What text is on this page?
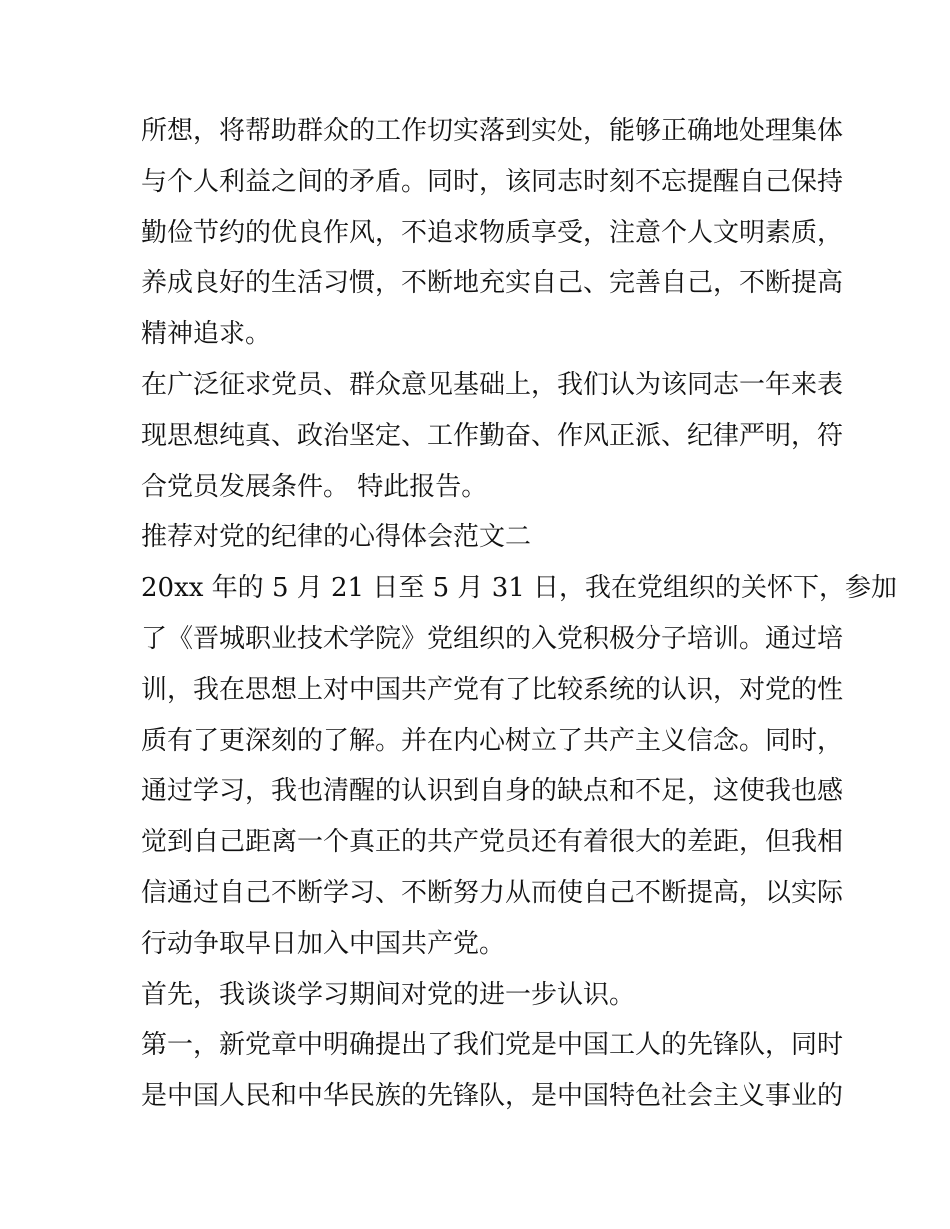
所想，将帮助群众的工作切实落到实处，能够正确地处理集体
与个人利益之间的矛盾。同时，该同志时刻不忘提醒自己保持
勤俭节约的优良作风，不追求物质享受，注意个人文明素质，
养成良好的生活习惯，不断地充实自己、完善自己，不断提高
精神追求。
在广泛征求党员、群众意见基础上，我们认为该同志一年来表
现思想纯真、政治坚定、工作勤奋、作风正派、纪律严明，符
合党员发展条件。 特此报告。
推荐对党的纪律的心得体会范文二
20xx 年的 5 月 21 日至 5 月 31 日，我在党组织的关怀下，参加
了《晋城职业技术学院》党组织的入党积极分子培训。通过培
训，我在思想上对中国共产党有了比较系统的认识，对党的性
质有了更深刻的了解。并在内心树立了共产主义信念。同时，
通过学习，我也清醒的认识到自身的缺点和不足，这使我也感
觉到自己距离一个真正的共产党员还有着很大的差距，但我相
信通过自己不断学习、不断努力从而使自己不断提高，以实际
行动争取早日加入中国共产党。
首先，我谈谈学习期间对党的进一步认识。
第一，新党章中明确提出了我们党是中国工人的先锋队，同时
是中国人民和中华民族的先锋队，是中国特色社会主义事业的
